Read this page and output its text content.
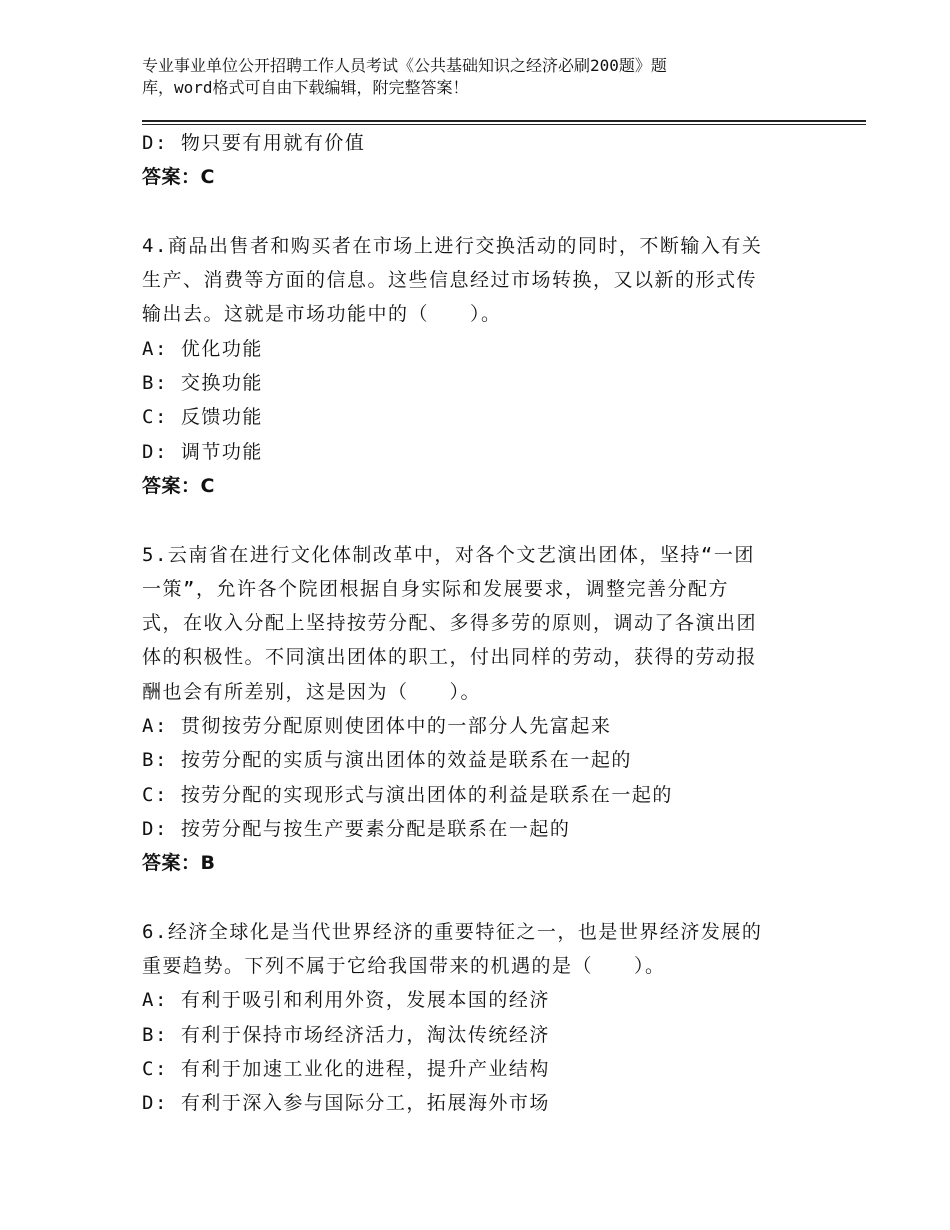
专业事业单位公开招聘工作人员考试《公共基础知识之经济必刷200题》题
库，word格式可自由下载编辑，附完整答案！
D: 物只要有用就有价值
答案：C
4.商品出售者和购买者在市场上进行交换活动的同时，不断输入有关
生产、消费等方面的信息。这些信息经过市场转换，又以新的形式传
输出去。这就是市场功能中的（　　）。
A: 优化功能
B: 交换功能
C: 反馈功能
D: 调节功能
答案：C
5.云南省在进行文化体制改革中，对各个文艺演出团体，坚持“一团
一策”，允许各个院团根据自身实际和发展要求，调整完善分配方
式，在收入分配上坚持按劳分配、多得多劳的原则，调动了各演出团
体的积极性。不同演出团体的职工，付出同样的劳动，获得的劳动报
酬也会有所差别，这是因为（　　）。
A: 贯彻按劳分配原则使团体中的一部分人先富起来
B: 按劳分配的实质与演出团体的效益是联系在一起的
C: 按劳分配的实现形式与演出团体的利益是联系在一起的
D: 按劳分配与按生产要素分配是联系在一起的
答案：B
6.经济全球化是当代世界经济的重要特征之一，也是世界经济发展的
重要趋势。下列不属于它给我国带来的机遇的是（　　）。
A: 有利于吸引和利用外资，发展本国的经济
B: 有利于保持市场经济活力，淘汰传统经济
C: 有利于加速工业化的进程，提升产业结构
D: 有利于深入参与国际分工，拓展海外市场
